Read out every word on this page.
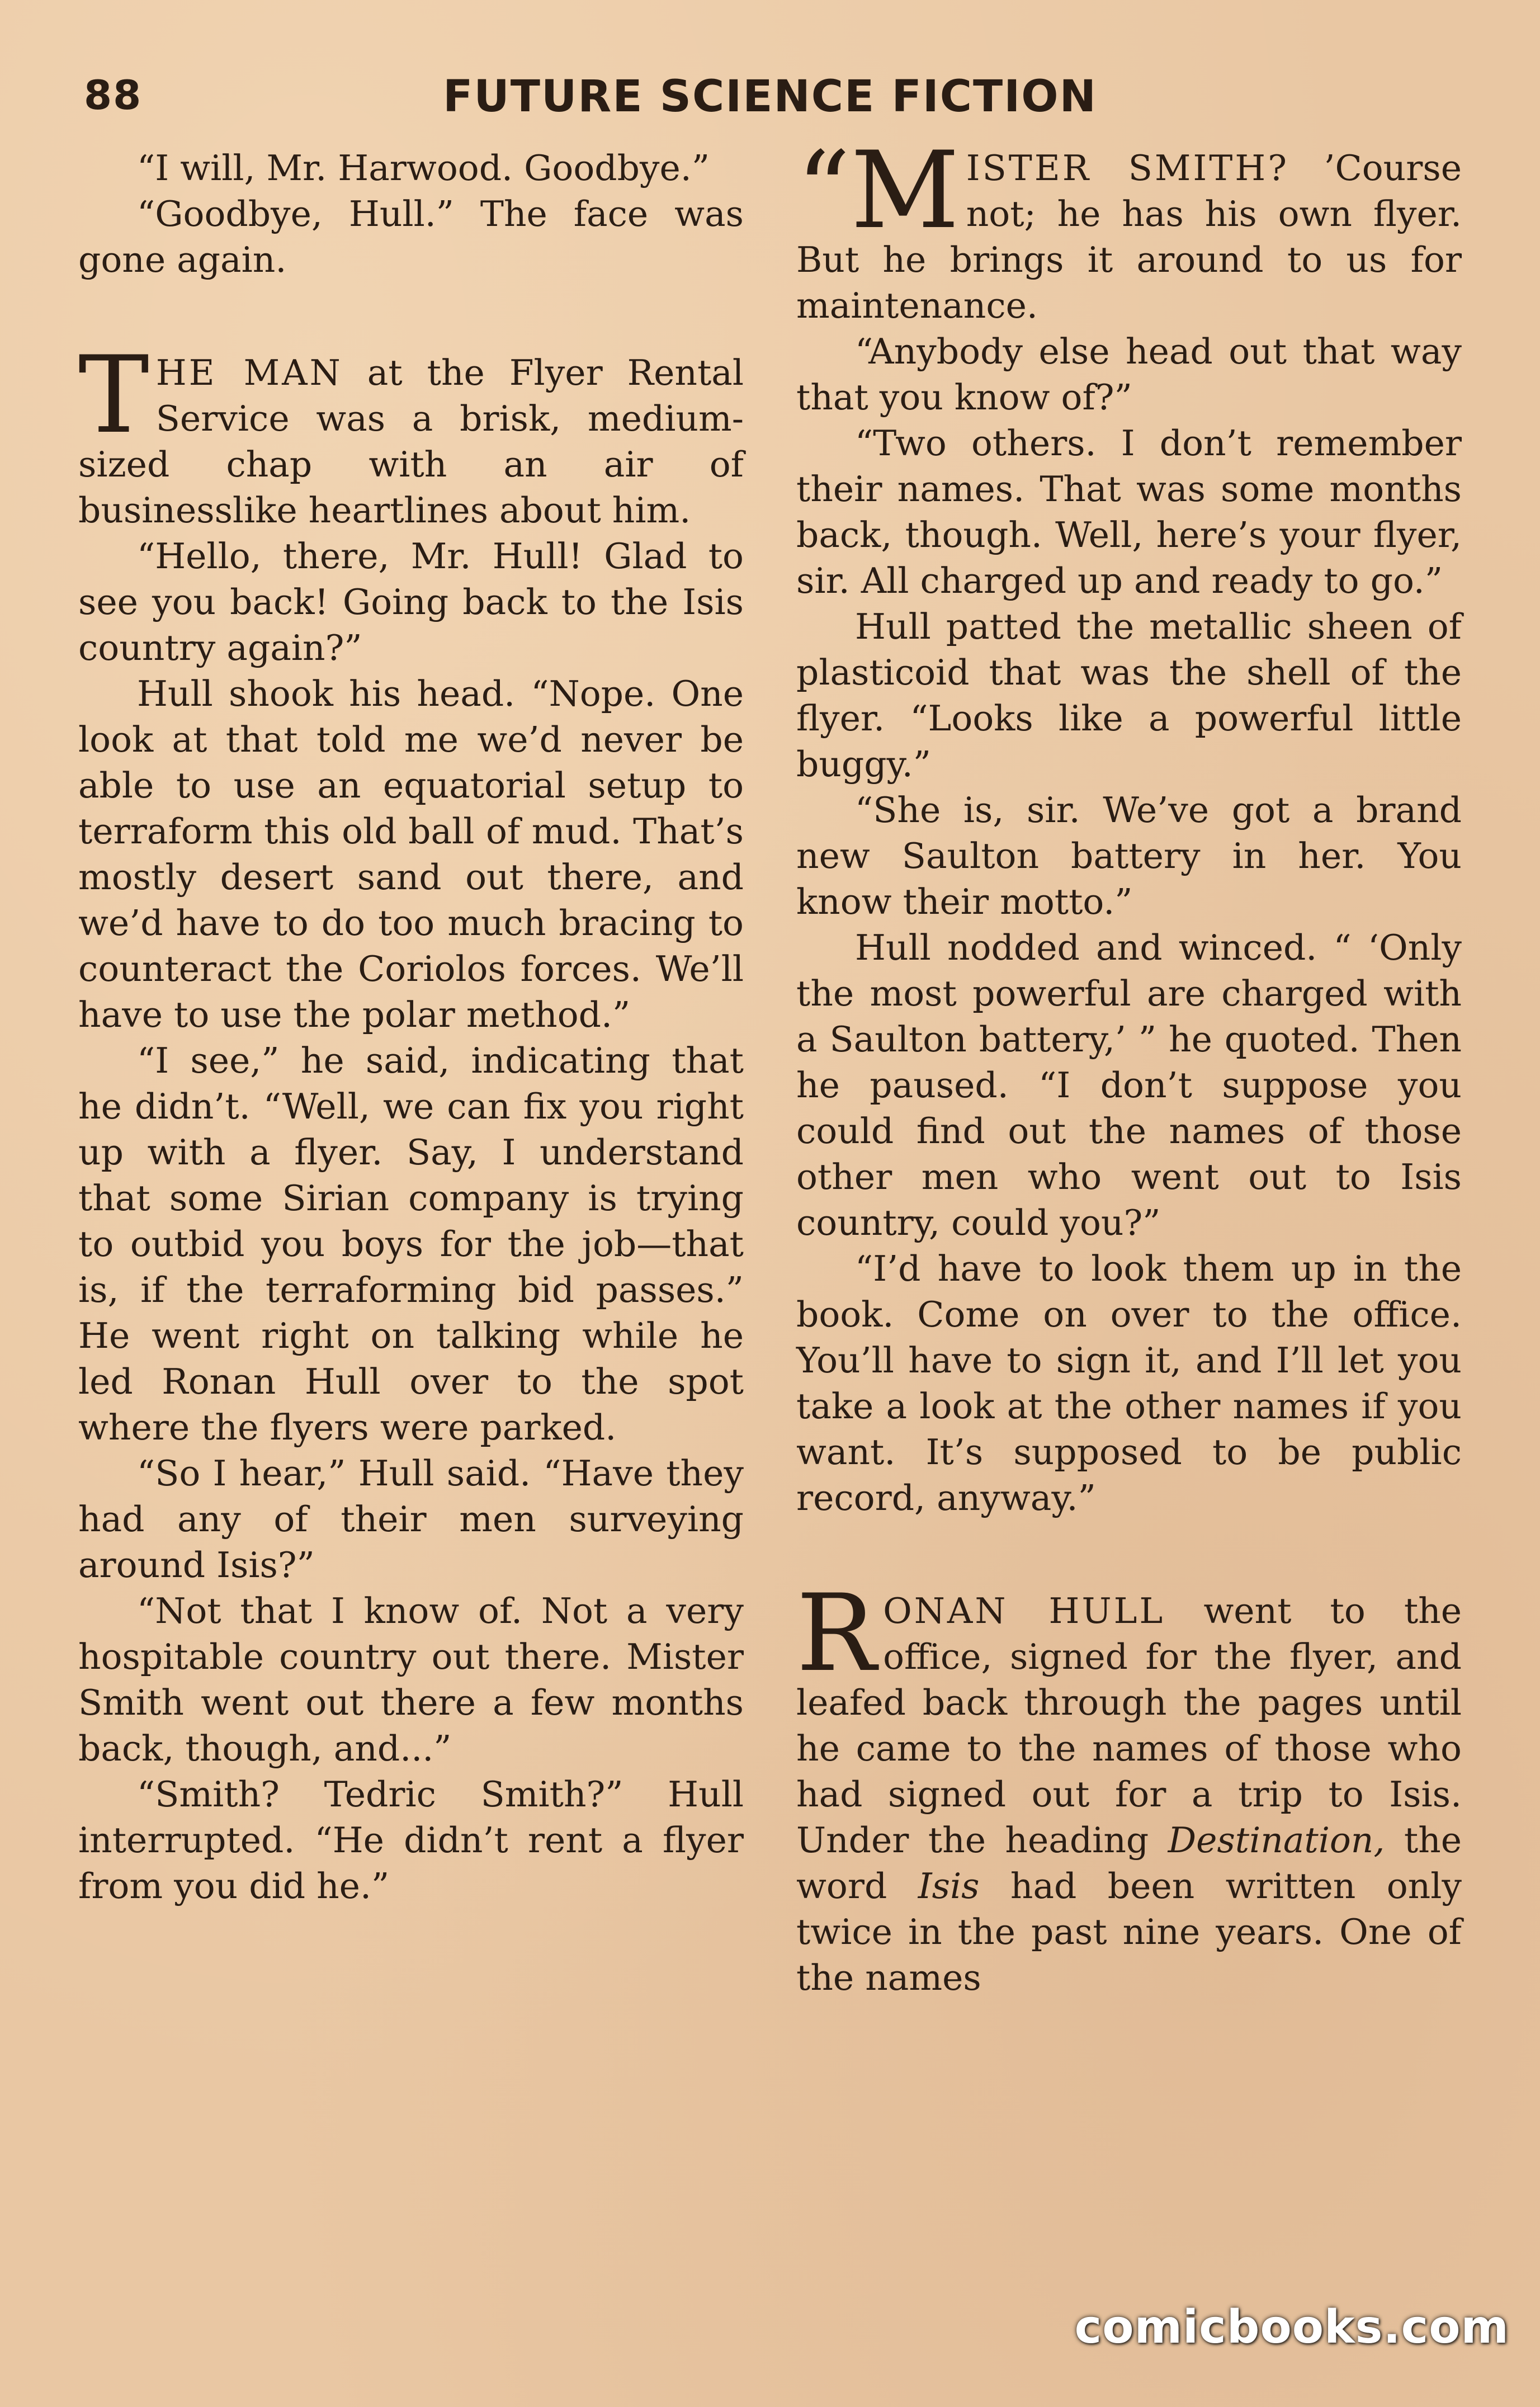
88	FUTURE SCIENCE FICTION

“I will, Mr. Harwood. Goodbye.”

“Goodbye, Hull.” The face was gone again.

THE MAN at the Flyer Rental Service was a brisk, medium-sized chap with an air of businesslike heartlines about him.

“Hello, there, Mr. Hull! Glad to see you back! Going back to the Isis country again?”

Hull shook his head. “Nope. One look at that told me we’d never be able to use an equatorial setup to terraform this old ball of mud. That’s mostly desert sand out there, and we’d have to do too much bracing to counteract the Coriolos forces. We’ll have to use the polar method.”

“I see,” he said, indicating that he didn’t. “Well, we can fix you right up with a flyer. Say, I understand that some Sirian company is trying to outbid you boys for the job—that is, if the terraforming bid passes.” He went right on talking while he led Ronan Hull over to the spot where the flyers were parked.

“So I hear,” Hull said. “Have they had any of their men surveying around Isis?”

“Not that I know of. Not a very hospitable country out there. Mister Smith went out there a few months back, though, and...”

“Smith? Tedric Smith?” Hull interrupted. “He didn’t rent a flyer from you did he.”

“M ISTER SMITH? ’Course not; he has his own flyer. But he brings it around to us for maintenance.

“Anybody else head out that way that you know of?”

“Two others. I don’t remember their names. That was some months back, though. Well, here’s your flyer, sir. All charged up and ready to go.”

Hull patted the metallic sheen of plasticoid that was the shell of the flyer. “Looks like a powerful little buggy.”

“She is, sir. We’ve got a brand new Saulton battery in her. You know their motto.”

Hull nodded and winced. “ ‘Only the most powerful are charged with a Saulton battery,’ ” he quoted. Then he paused. “I don’t suppose you could find out the names of those other men who went out to Isis country, could you?”

“I’d have to look them up in the book. Come on over to the office. You’ll have to sign it, and I’ll let you take a look at the other names if you want. It’s supposed to be public record, anyway.”

RONAN HULL went to the office, signed for the flyer, and leafed back through the pages until he came to the names of those who had signed out for a trip to Isis. Under the heading Destination, the word Isis had been written only twice in the past nine years. One of the names

comicbooks.com
